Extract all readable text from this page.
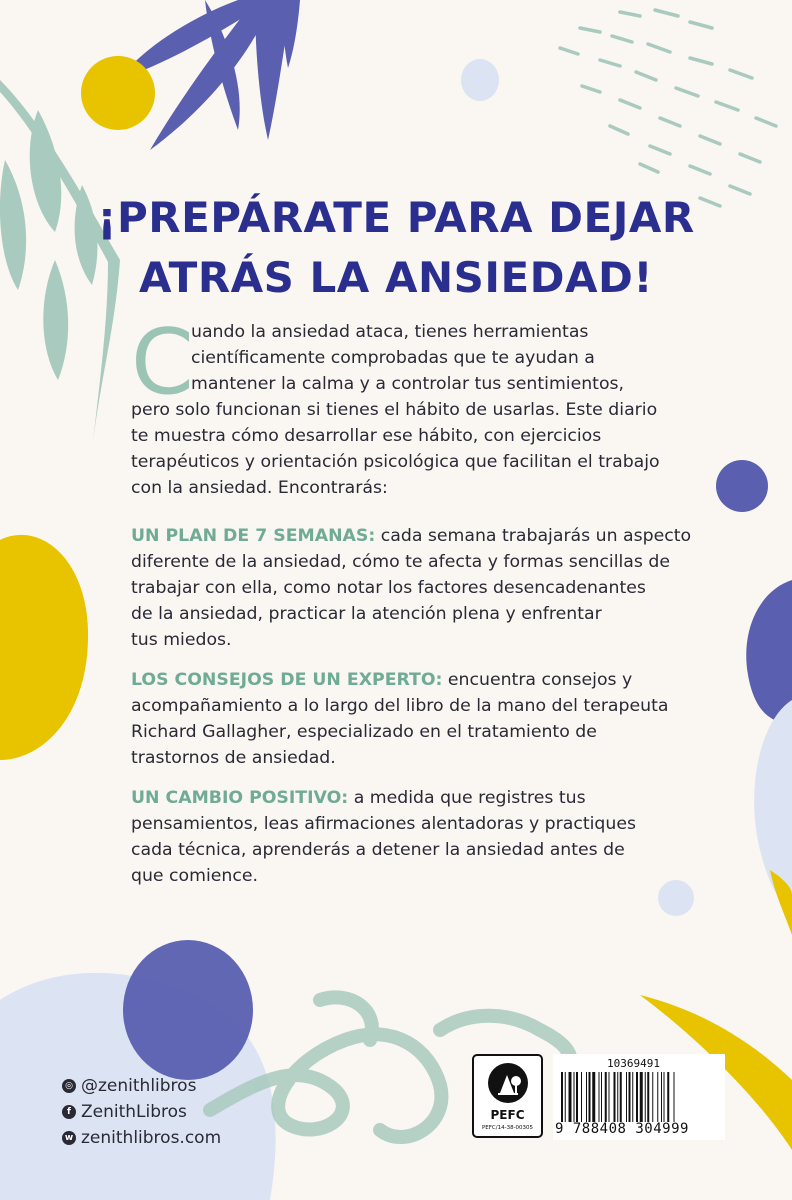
¡PREPÁRATE PARA DEJAR
ATRÁS LA ANSIEDAD!
C
uando la ansiedad ataca, tienes herramientas
científicamente comprobadas que te ayudan a
mantener la calma y a controlar tus sentimientos,
pero solo funcionan si tienes el hábito de usarlas. Este diario
te muestra cómo desarrollar ese hábito, con ejercicios
terapéuticos y orientación psicológica que facilitan el trabajo
con la ansiedad. Encontrarás:
UN PLAN DE 7 SEMANAS: cada semana trabajarás un aspecto
diferente de la ansiedad, cómo te afecta y formas sencillas de
trabajar con ella, como notar los factores desencadenantes
de la ansiedad, practicar la atención plena y enfrentar
tus miedos.
LOS CONSEJOS DE UN EXPERTO: encuentra consejos y
acompañamiento a lo largo del libro de la mano del terapeuta
Richard Gallagher, especializado en el tratamiento de
trastornos de ansiedad.
UN CAMBIO POSITIVO: a medida que registres tus
pensamientos, leas afirmaciones alentadoras y practiques
cada técnica, aprenderás a detener la ansiedad antes de
que comience.
◎ @zenithlibros
f ZenithLibros
w zenithlibros.com
PEFC
PEFC/14-38-00305
10369491
9 788408 304999
